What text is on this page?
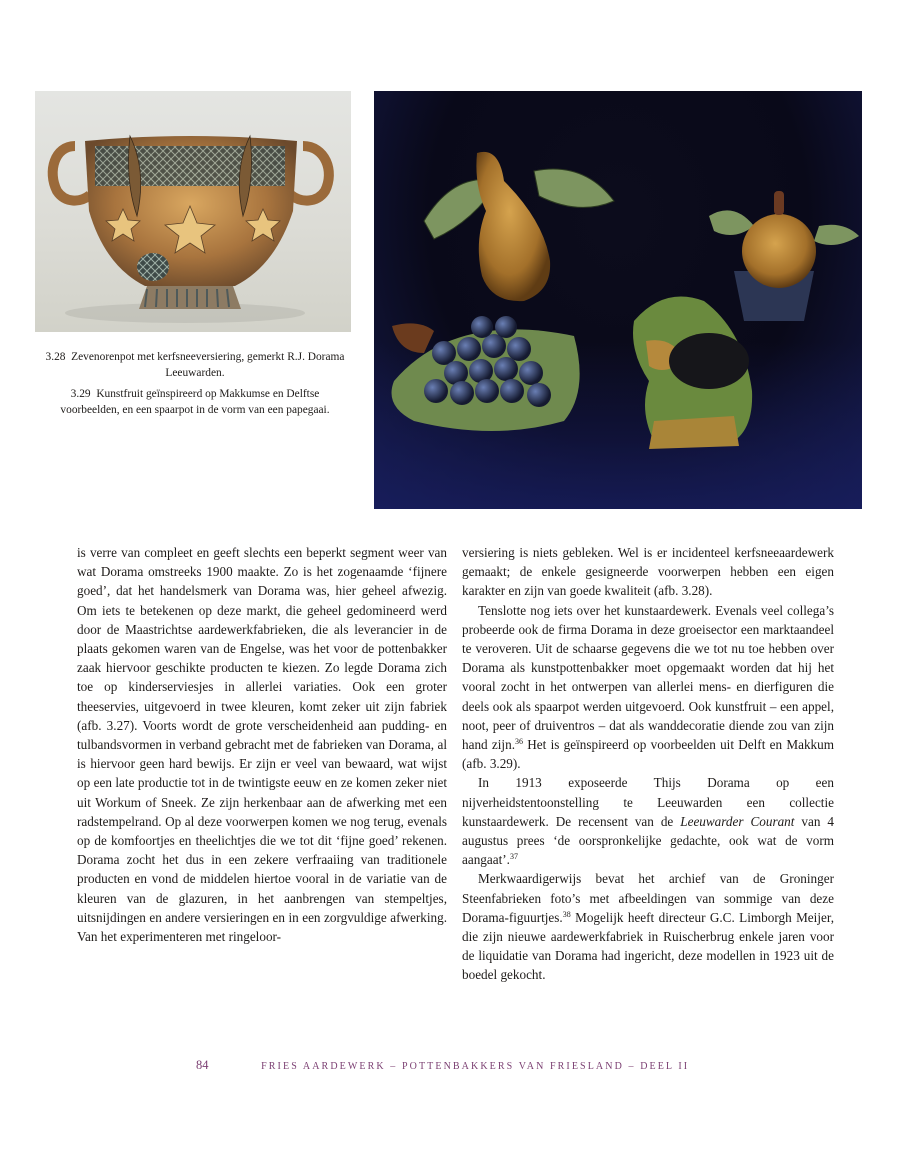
3.28 Zevenorenpot met kerfsneeversiering, gemerkt R.J. Dorama Leeuwarden.

3.29 Kunstfruit geïnspireerd op Makkumse en Delftse voorbeelden, en een spaarpot in de vorm van een papegaai.

is verre van compleet en geeft slechts een beperkt segment weer van wat Dorama omstreeks 1900 maakte. Zo is het zogenaamde ‘fijnere goed’, dat het handelsmerk van Dorama was, hier geheel afwezig. Om iets te betekenen op deze markt, die geheel gedomineerd werd door de Maastrichtse aardewerkfabrieken, die als leverancier in de plaats gekomen waren van de Engelse, was het voor de pottenbakker zaak hiervoor geschikte producten te kiezen. Zo legde Dorama zich toe op kinderserviesjes in allerlei variaties. Ook een groter theeservies, uitgevoerd in twee kleuren, komt zeker uit zijn fabriek (afb. 3.27). Voorts wordt de grote verscheidenheid aan pudding- en tulbandsvormen in verband gebracht met de fabrieken van Dorama, al is hiervoor geen hard bewijs. Er zijn er veel van bewaard, wat wijst op een late productie tot in de twintigste eeuw en ze komen zeker niet uit Workum of Sneek. Ze zijn herkenbaar aan de afwerking met een radstempelrand. Op al deze voorwerpen komen we nog terug, evenals op de komfoortjes en theelichtjes die we tot dit ‘fijne goed’ rekenen. Dorama zocht het dus in een zekere verfraaiing van traditionele producten en vond de middelen hiertoe vooral in de variatie van de kleuren van de glazuren, in het aanbrengen van stempeltjes, uitsnijdingen en andere versieringen en in een zorgvuldige afwerking. Van het experimenteren met ringeloor-

versiering is niets gebleken. Wel is er incidenteel kerfsneeaardewerk gemaakt; de enkele gesigneerde voorwerpen hebben een eigen karakter en zijn van goede kwaliteit (afb. 3.28).

Tenslotte nog iets over het kunstaardewerk. Evenals veel collega’s probeerde ook de firma Dorama in deze groeisector een marktaandeel te veroveren. Uit de schaarse gegevens die we tot nu toe hebben over Dorama als kunstpottenbakker moet opgemaakt worden dat hij het vooral zocht in het ontwerpen van allerlei mens- en dierfiguren die deels ook als spaarpot werden uitgevoerd. Ook kunstfruit – een appel, noot, peer of druiventros – dat als wanddecoratie diende zou van zijn hand zijn.$^{36}$ Het is geïnspireerd op voorbeelden uit Delft en Makkum (afb. 3.29).

In 1913 exposeerde Thijs Dorama op een nijverheidstentoonstelling te Leeuwarden een collectie kunstaardewerk. De recensent van de Leeuwarder Courant van 4 augustus prees ‘de oorspronkelijke gedachte, ook wat de vorm aangaat’.$^{37}$

Merkwaardigerwijs bevat het archief van de Groninger Steenfabrieken foto’s met afbeeldingen van sommige van deze Dorama-figuurtjes.$^{38}$ Mogelijk heeft directeur G.C. Limborgh Meijer, die zijn nieuwe aardewerkfabriek in Ruischerbrug enkele jaren voor de liquidatie van Dorama had ingericht, deze modellen in 1923 uit de boedel gekocht.

84	FRIES AARDEWERK – POTTENBAKKERS VAN FRIESLAND – DEEL II
